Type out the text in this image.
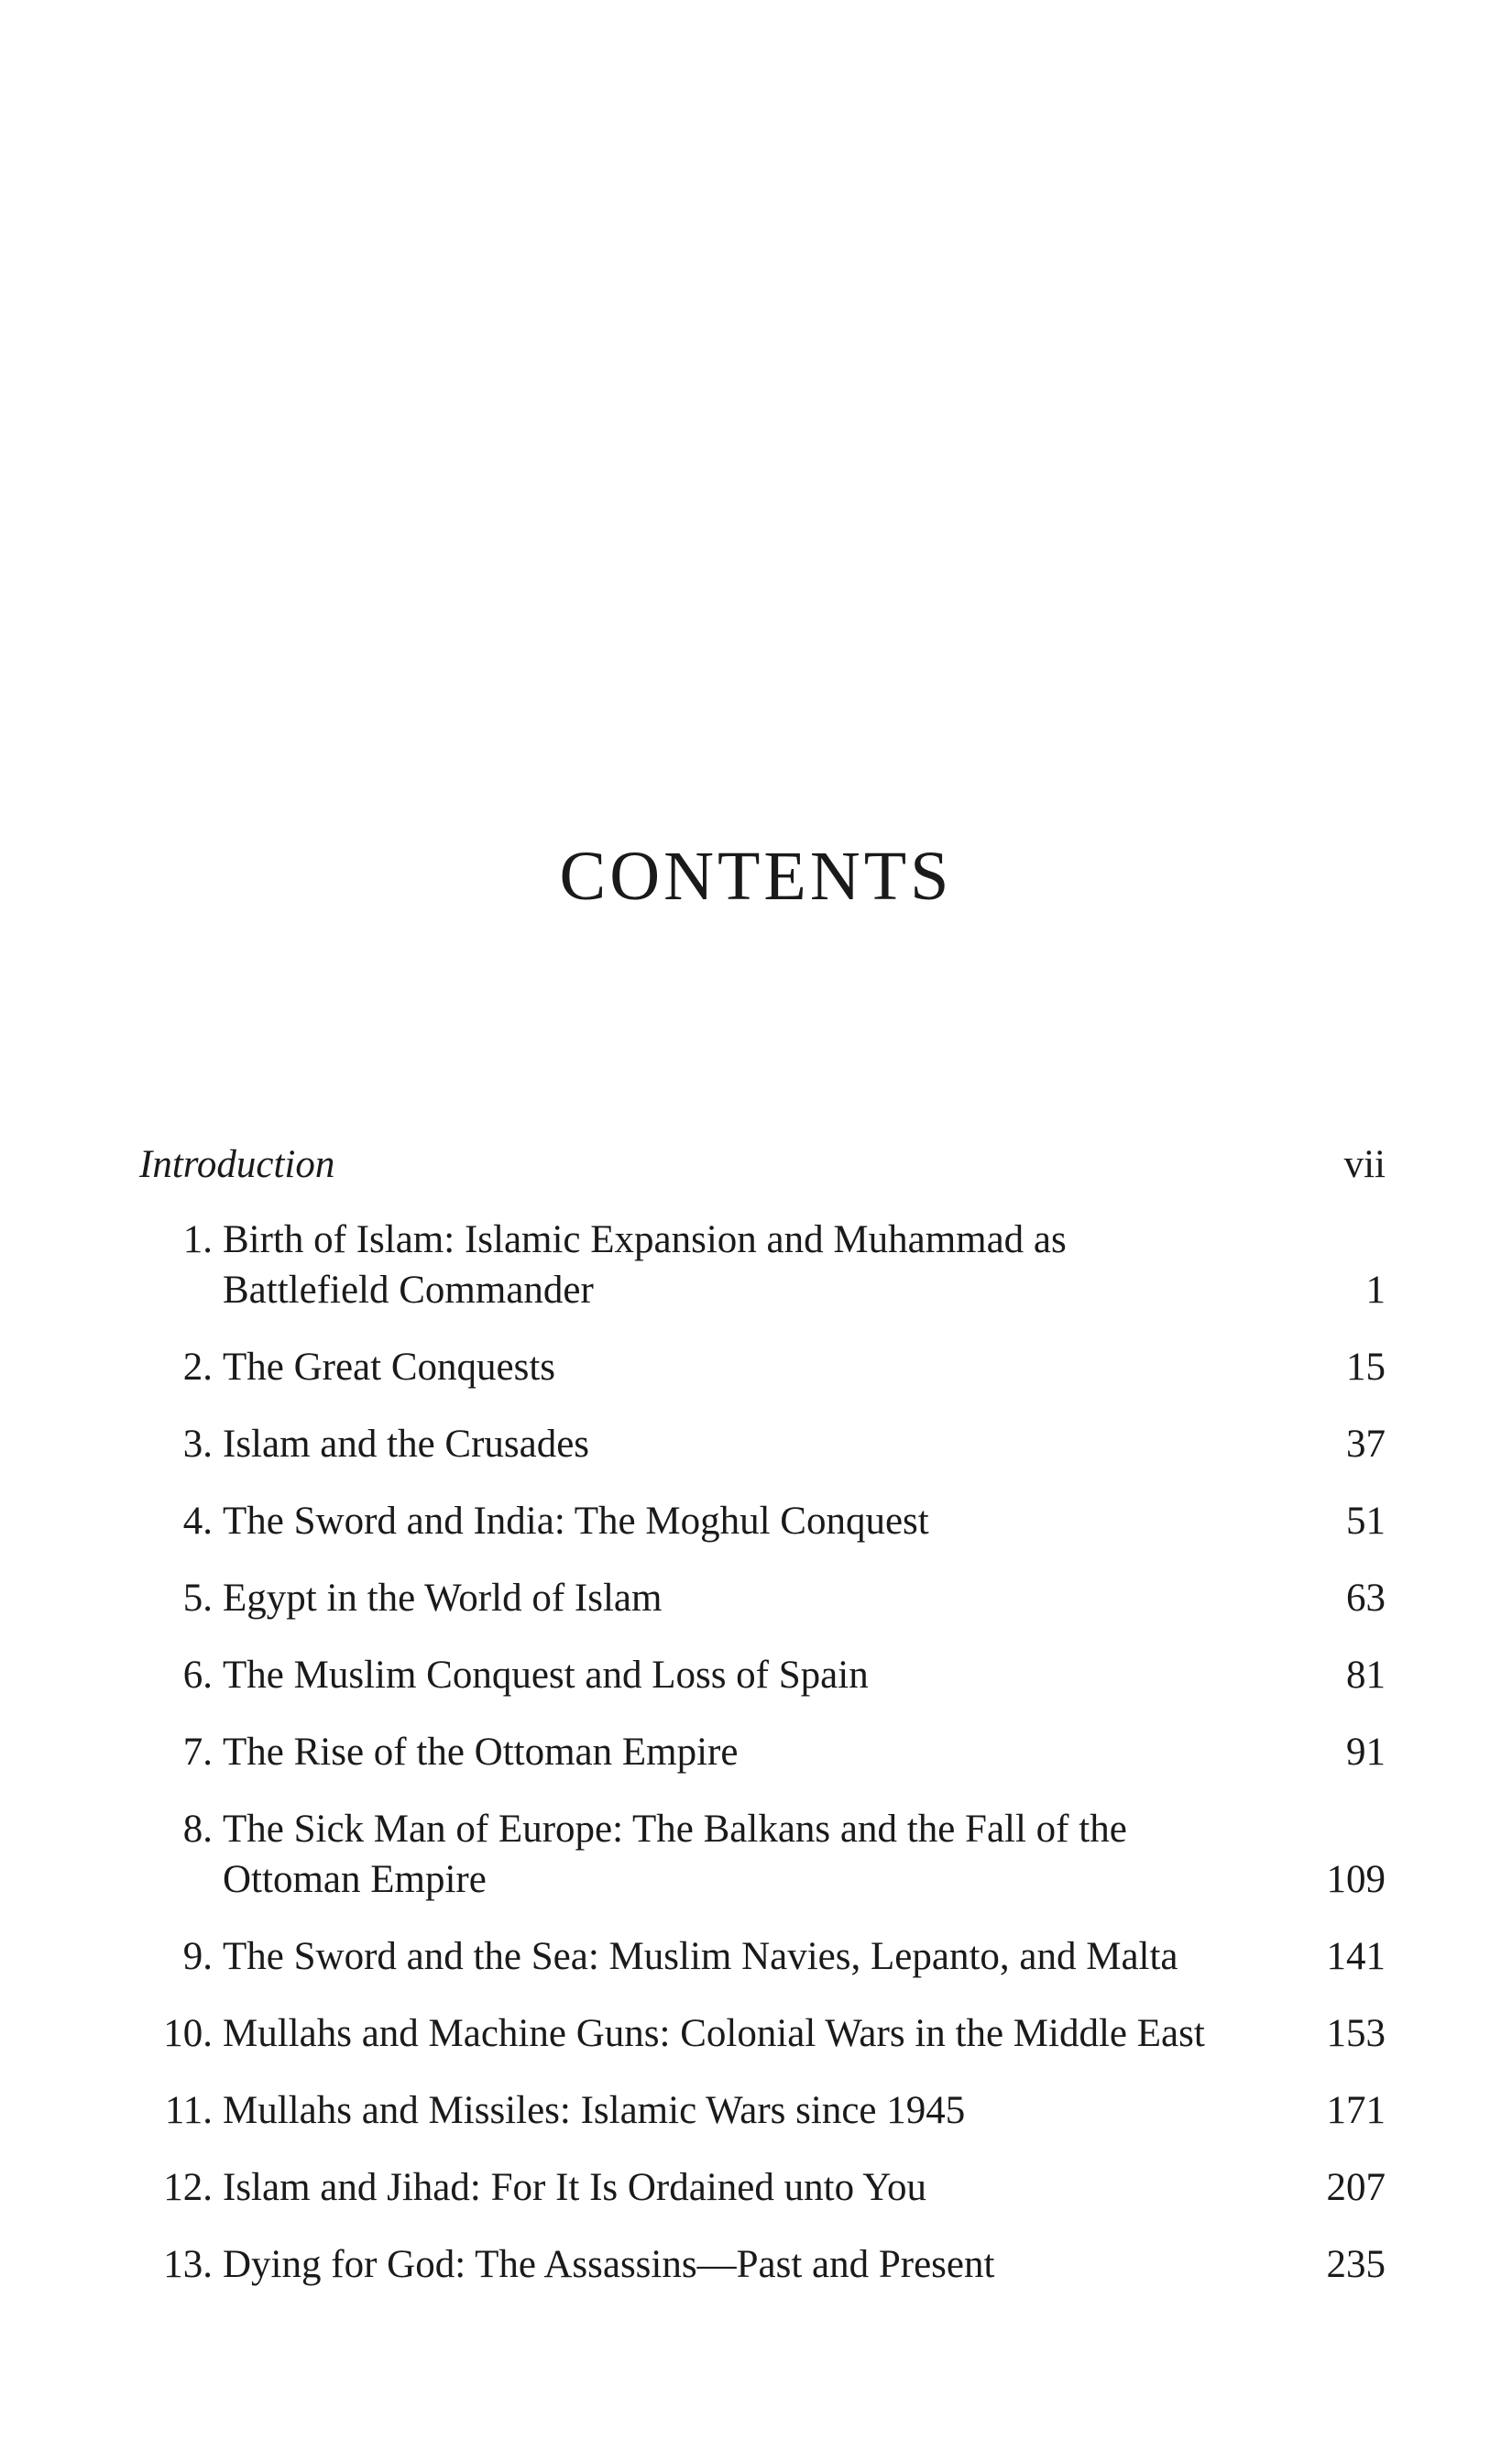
CONTENTS
Introduction	vii
1. Birth of Islam: Islamic Expansion and Muhammad as
Battlefield Commander	1
2. The Great Conquests	15
3. Islam and the Crusades	37
4. The Sword and India: The Moghul Conquest	51
5. Egypt in the World of Islam	63
6. The Muslim Conquest and Loss of Spain	81
7. The Rise of the Ottoman Empire	91
8. The Sick Man of Europe: The Balkans and the Fall of the
Ottoman Empire	109
9. The Sword and the Sea: Muslim Navies, Lepanto, and Malta	141
10. Mullahs and Machine Guns: Colonial Wars in the Middle East	153
11. Mullahs and Missiles: Islamic Wars since 1945	171
12. Islam and Jihad: For It Is Ordained unto You	207
13. Dying for God: The Assassins—Past and Present	235
